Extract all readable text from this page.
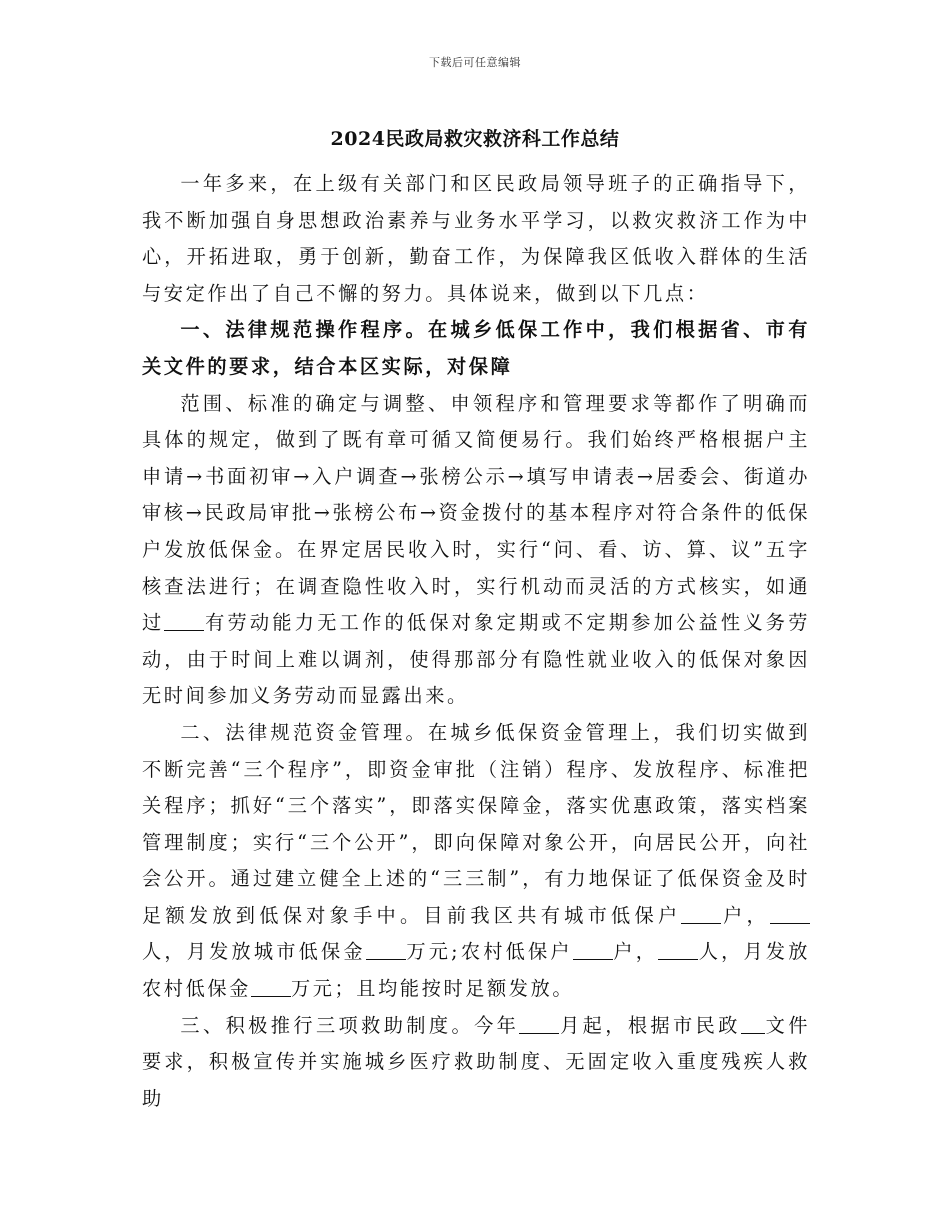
下载后可任意编辑
2024民政局救灾救济科工作总结

一年多来，在上级有关部门和区民政局领导班子的正确指导下，我不断加强自身思想政治素养与业务水平学习，以救灾救济工作为中心，开拓进取，勇于创新，勤奋工作，为保障我区低收入群体的生活与安定作出了自己不懈的努力。具体说来，做到以下几点：

一、法律规范操作程序。在城乡低保工作中，我们根据省、市有关文件的要求，结合本区实际，对保障

范围、标准的确定与调整、申领程序和管理要求等都作了明确而具体的规定，做到了既有章可循又简便易行。我们始终严格根据户主申请→书面初审→入户调查→张榜公示→填写申请表→居委会、街道办审核→民政局审批→张榜公布→资金拨付的基本程序对符合条件的低保户发放低保金。在界定居民收入时，实行“问、看、访、算、议”五字核查法进行；在调查隐性收入时，实行机动而灵活的方式核实，如通过 有劳动能力无工作的低保对象定期或不定期参加公益性义务劳动，由于时间上难以调剂，使得那部分有隐性就业收入的低保对象因无时间参加义务劳动而显露出来。

二、法律规范资金管理。在城乡低保资金管理上，我们切实做到不断完善“三个程序”，即资金审批（注销）程序、发放程序、标准把关程序；抓好“三个落实”，即落实保障金，落实优惠政策，落实档案管理制度；实行“三个公开”，即向保障对象公开，向居民公开，向社会公开。通过建立健全上述的“三三制”，有力地保证了低保资金及时足额发放到低保对象手中。目前我区共有城市低保户 户，人，月发放城市低保金 万元;农村低保户 户， 人，月发放农村低保金 万元；且均能按时足额发放。

三、积极推行三项救助制度。今年 月起，根据市民政 文件要求，积极宣传并实施城乡医疗救助制度、无固定收入重度残疾人救助
